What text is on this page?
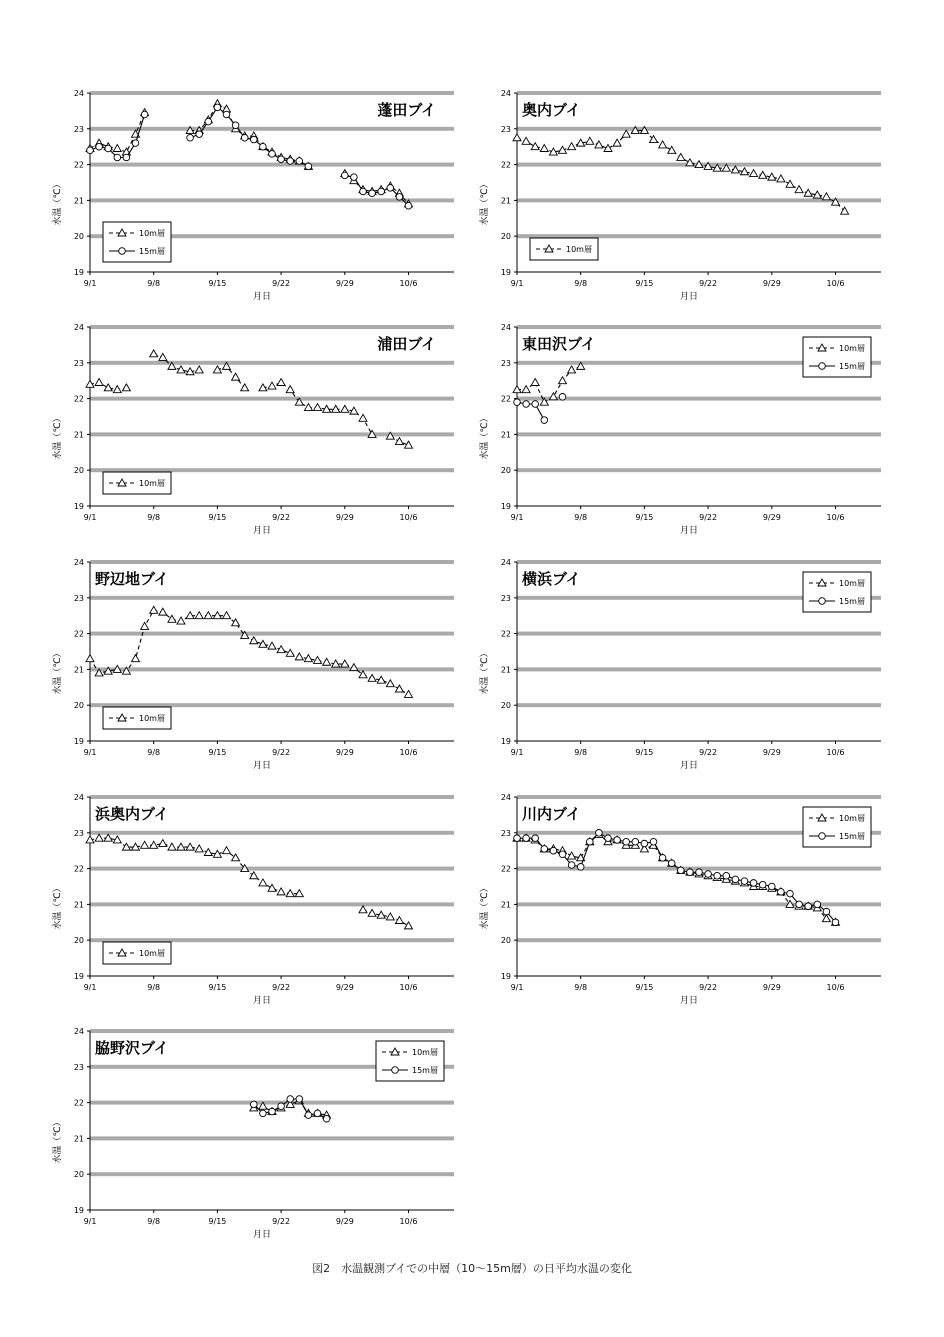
19
20
21
22
23
24
9/1	9/8	9/15	9/22	9/29	10/6
月日
水温（℃）
蓬田ブイ
10m層
15m層
19
20
21
22
23
24
9/1	9/8	9/15	9/22	9/29	10/6
月日
水温（℃）
奥内ブイ
10m層
19
20
21
22
23
24
9/1	9/8	9/15	9/22	9/29	10/6
月日
水温（℃）
浦田ブイ
10m層
19
20
21
22
23
24
9/1	9/8	9/15	9/22	9/29	10/6
月日
水温（℃）
東田沢ブイ	10m層
15m層
19
20
21
22
23
24
9/1	9/8	9/15	9/22	9/29	10/6
月日
水温（℃）
野辺地ブイ
10m層
19
20
21
22
23
24
9/1	9/8	9/15	9/22	9/29	10/6
月日
水温（℃）
横浜ブイ	10m層
15m層
19
20
21
22
23
24
9/1	9/8	9/15	9/22	9/29	10/6
月日
水温（℃）
浜奥内ブイ
10m層
19
20
21
22
23
24
9/1	9/8	9/15	9/22	9/29	10/6
月日
水温（℃）
川内ブイ	10m層
15m層
19
20
21
22
23
24
9/1	9/8	9/15	9/22	9/29	10/6
月日
水温（℃）
脇野沢ブイ	10m層
15m層
図2　水温観測ブイでの中層（10〜15m層）の日平均水温の変化
